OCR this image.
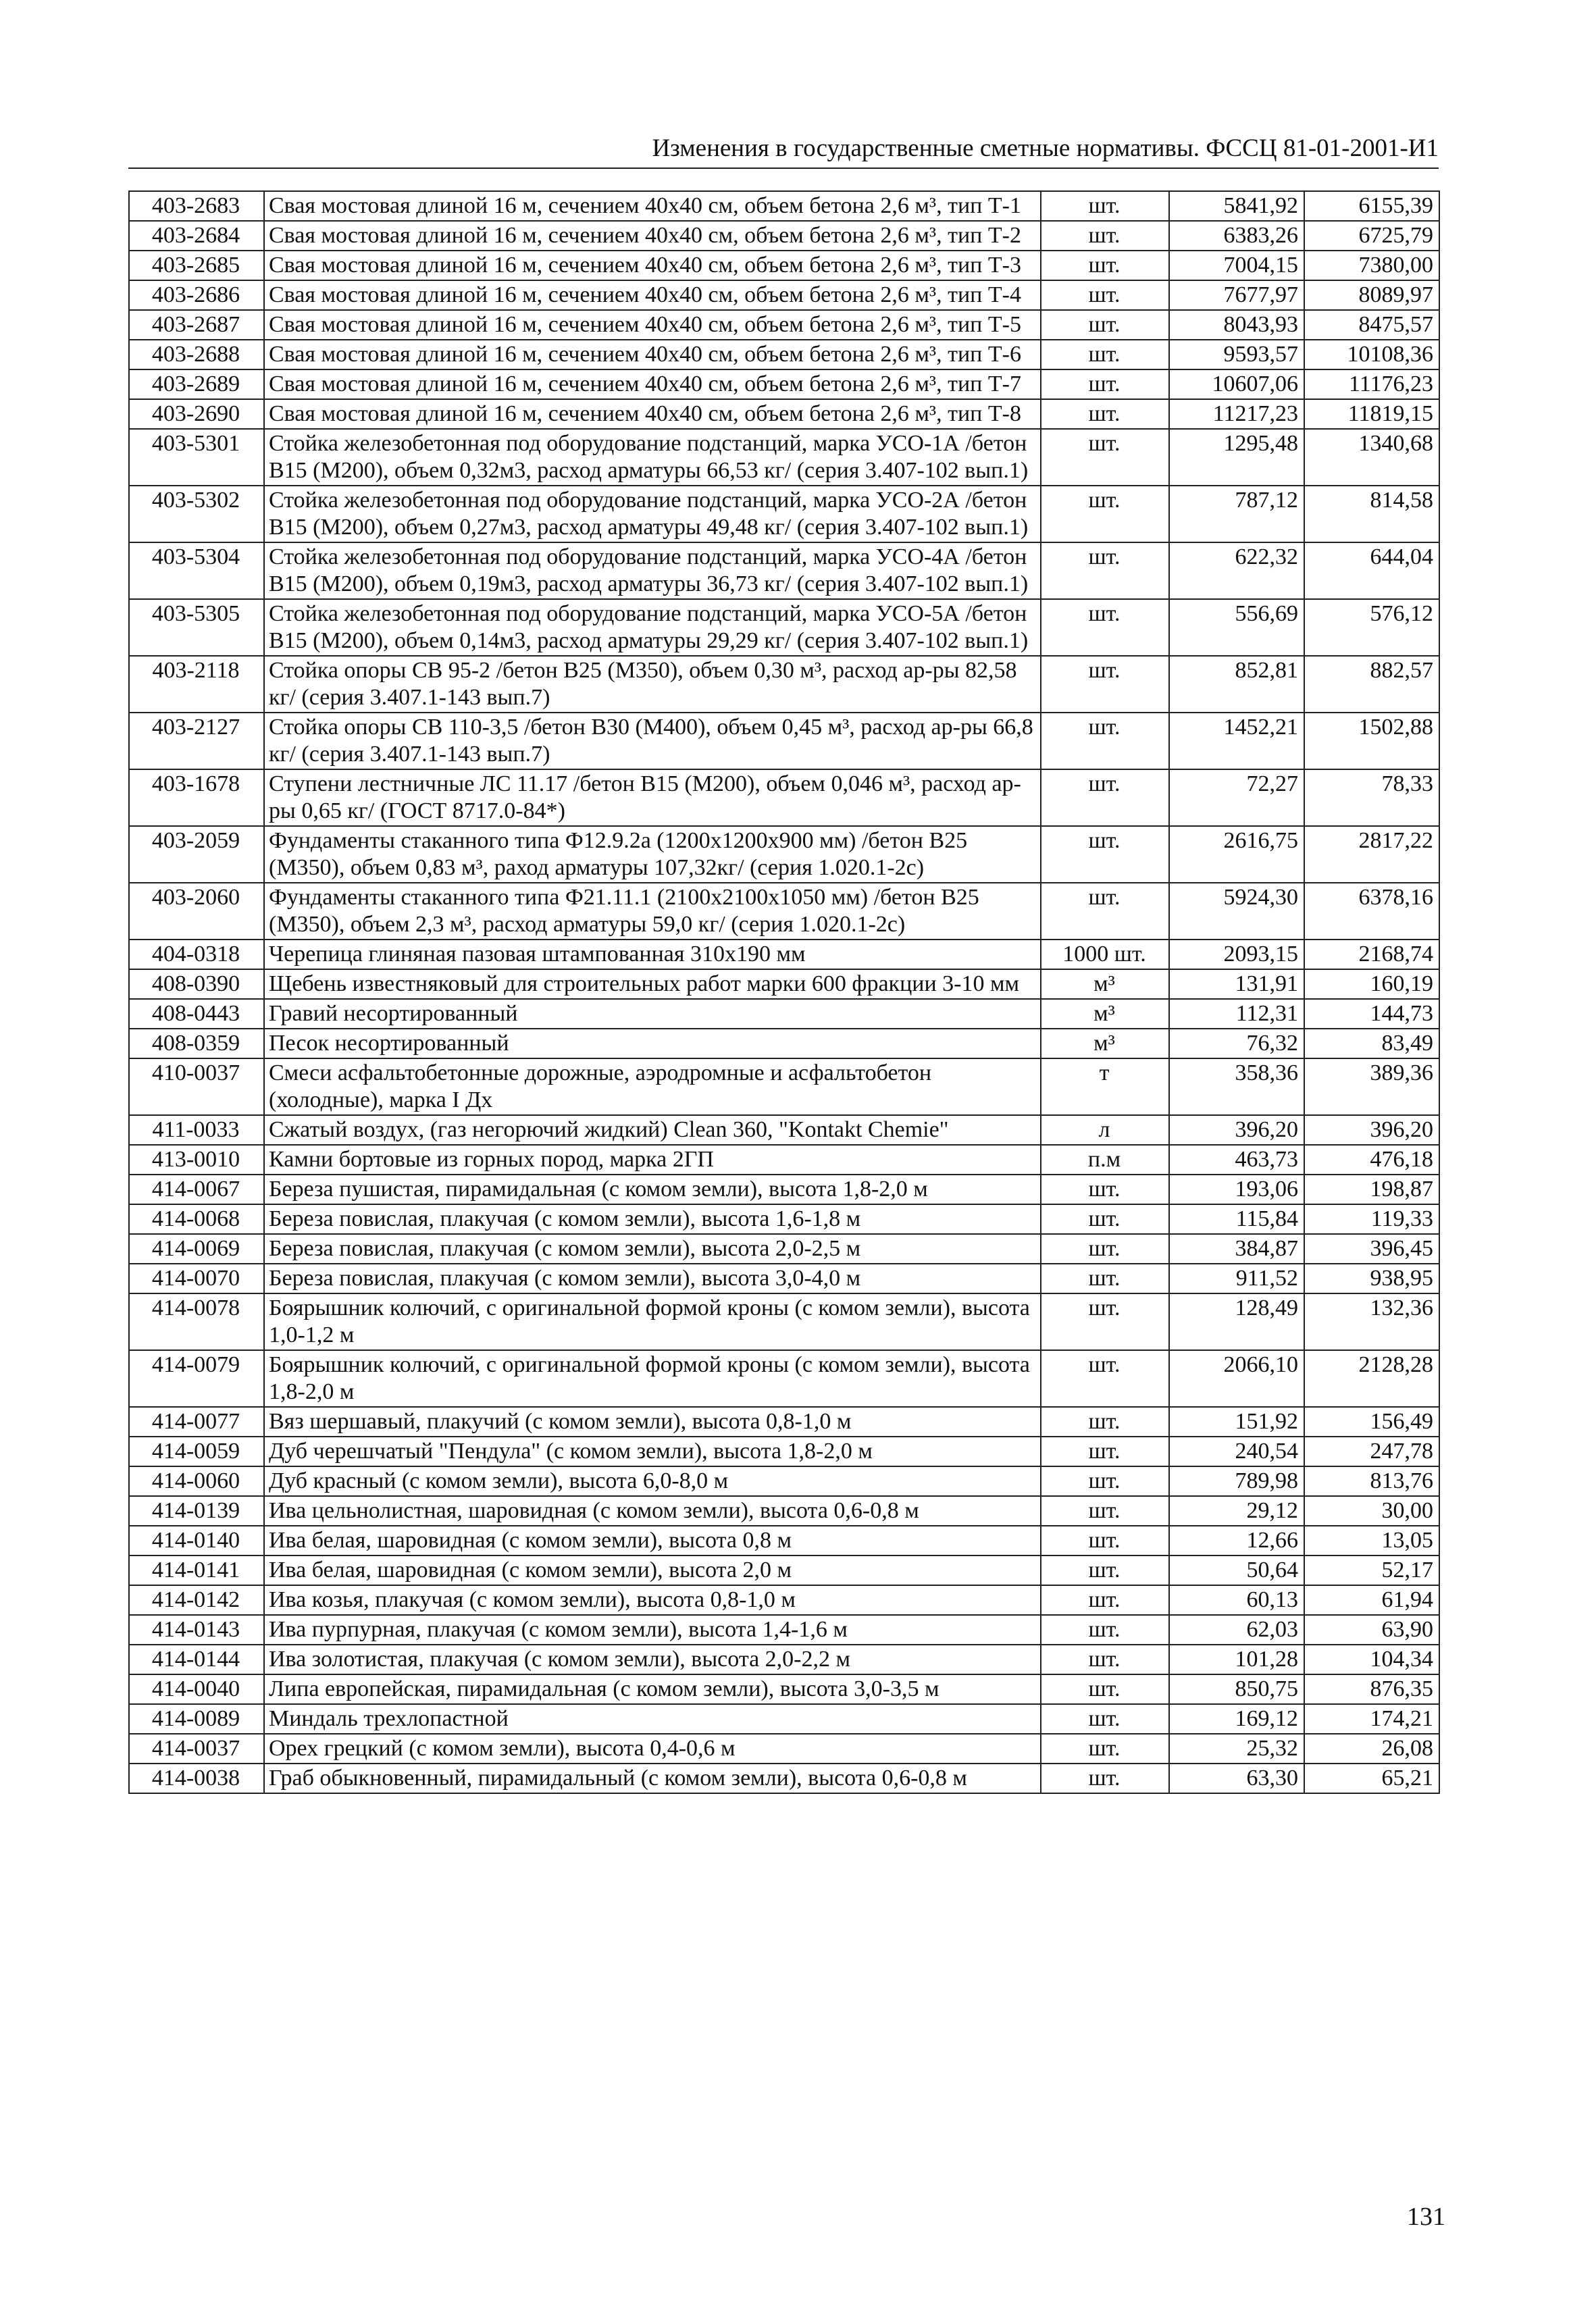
Изменения в государственные сметные нормативы. ФССЦ 81-01-2001-И1
403-2683	Свая мостовая длиной 16 м, сечением 40х40 см, объем бетона 2,6 м³, тип Т-1	шт.	5841,92	6155,39
403-2684	Свая мостовая длиной 16 м, сечением 40х40 см, объем бетона 2,6 м³, тип Т-2	шт.	6383,26	6725,79
403-2685	Свая мостовая длиной 16 м, сечением 40х40 см, объем бетона 2,6 м³, тип Т-3	шт.	7004,15	7380,00
403-2686	Свая мостовая длиной 16 м, сечением 40х40 см, объем бетона 2,6 м³, тип Т-4	шт.	7677,97	8089,97
403-2687	Свая мостовая длиной 16 м, сечением 40х40 см, объем бетона 2,6 м³, тип Т-5	шт.	8043,93	8475,57
403-2688	Свая мостовая длиной 16 м, сечением 40х40 см, объем бетона 2,6 м³, тип Т-6	шт.	9593,57	10108,36
403-2689	Свая мостовая длиной 16 м, сечением 40х40 см, объем бетона 2,6 м³, тип Т-7	шт.	10607,06	11176,23
403-2690	Свая мостовая длиной 16 м, сечением 40х40 см, объем бетона 2,6 м³, тип Т-8	шт.	11217,23	11819,15
403-5301	Стойка железобетонная под оборудование подстанций, марка УСО-1А /бетон В15 (М200), объем 0,32м3, расход арматуры 66,53 кг/ (серия 3.407-102 вып.1)	шт.	1295,48	1340,68
403-5302	Стойка железобетонная под оборудование подстанций, марка УСО-2А /бетон В15 (М200), объем 0,27м3, расход арматуры 49,48 кг/ (серия 3.407-102 вып.1)	шт.	787,12	814,58
403-5304	Стойка железобетонная под оборудование подстанций, марка УСО-4А /бетон В15 (М200), объем 0,19м3, расход арматуры 36,73 кг/ (серия 3.407-102 вып.1)	шт.	622,32	644,04
403-5305	Стойка железобетонная под оборудование подстанций, марка УСО-5А /бетон В15 (М200), объем 0,14м3, расход арматуры 29,29 кг/ (серия 3.407-102 вып.1)	шт.	556,69	576,12
403-2118	Стойка опоры СВ 95-2 /бетон В25 (М350), объем 0,30 м³, расход ар-ры 82,58 кг/ (серия 3.407.1-143 вып.7)	шт.	852,81	882,57
403-2127	Стойка опоры СВ 110-3,5 /бетон В30 (М400), объем 0,45 м³, расход ар-ры 66,8 кг/ (серия 3.407.1-143 вып.7)	шт.	1452,21	1502,88
403-1678	Ступени лестничные ЛС 11.17 /бетон В15 (М200), объем 0,046 м³, расход ар-ры 0,65 кг/ (ГОСТ 8717.0-84*)	шт.	72,27	78,33
403-2059	Фундаменты стаканного типа Ф12.9.2а (1200х1200х900 мм) /бетон В25 (М350), объем 0,83 м³, раход арматуры 107,32кг/ (серия 1.020.1-2с)	шт.	2616,75	2817,22
403-2060	Фундаменты стаканного типа Ф21.11.1 (2100х2100х1050 мм) /бетон В25 (М350), объем 2,3 м³, расход арматуры 59,0 кг/ (серия 1.020.1-2с)	шт.	5924,30	6378,16
404-0318	Черепица глиняная пазовая штампованная 310х190 мм	1000 шт.	2093,15	2168,74
408-0390	Щебень известняковый для строительных работ марки 600 фракции 3-10 мм	м³	131,91	160,19
408-0443	Гравий несортированный	м³	112,31	144,73
408-0359	Песок несортированный	м³	76,32	83,49
410-0037	Смеси асфальтобетонные дорожные, аэродромные и асфальтобетон (холодные), марка I Дх	т	358,36	389,36
411-0033	Сжатый воздух, (газ негорючий жидкий) Clean 360, "Kontakt Chemie"	л	396,20	396,20
413-0010	Камни бортовые из горных пород, марка 2ГП	п.м	463,73	476,18
414-0067	Береза пушистая, пирамидальная (с комом земли), высота 1,8-2,0 м	шт.	193,06	198,87
414-0068	Береза повислая, плакучая (с комом земли), высота 1,6-1,8 м	шт.	115,84	119,33
414-0069	Береза повислая, плакучая (с комом земли), высота 2,0-2,5 м	шт.	384,87	396,45
414-0070	Береза повислая, плакучая (с комом земли), высота 3,0-4,0 м	шт.	911,52	938,95
414-0078	Боярышник колючий, с оригинальной формой кроны (с комом земли), высота 1,0-1,2 м	шт.	128,49	132,36
414-0079	Боярышник колючий, с оригинальной формой кроны (с комом земли), высота 1,8-2,0 м	шт.	2066,10	2128,28
414-0077	Вяз шершавый, плакучий (с комом земли), высота 0,8-1,0 м	шт.	151,92	156,49
414-0059	Дуб черешчатый "Пендула" (с комом земли), высота 1,8-2,0 м	шт.	240,54	247,78
414-0060	Дуб красный (с комом земли), высота 6,0-8,0 м	шт.	789,98	813,76
414-0139	Ива цельнолистная, шаровидная (с комом земли), высота 0,6-0,8 м	шт.	29,12	30,00
414-0140	Ива белая, шаровидная (с комом земли), высота 0,8 м	шт.	12,66	13,05
414-0141	Ива белая, шаровидная (с комом земли), высота 2,0 м	шт.	50,64	52,17
414-0142	Ива козья, плакучая (с комом земли), высота 0,8-1,0 м	шт.	60,13	61,94
414-0143	Ива пурпурная, плакучая (с комом земли), высота 1,4-1,6 м	шт.	62,03	63,90
414-0144	Ива золотистая, плакучая (с комом земли), высота 2,0-2,2 м	шт.	101,28	104,34
414-0040	Липа европейская, пирамидальная (с комом земли), высота 3,0-3,5 м	шт.	850,75	876,35
414-0089	Миндаль трехлопастной	шт.	169,12	174,21
414-0037	Орех грецкий (с комом земли), высота 0,4-0,6 м	шт.	25,32	26,08
414-0038	Граб обыкновенный, пирамидальный (с комом земли), высота 0,6-0,8 м	шт.	63,30	65,21
131
